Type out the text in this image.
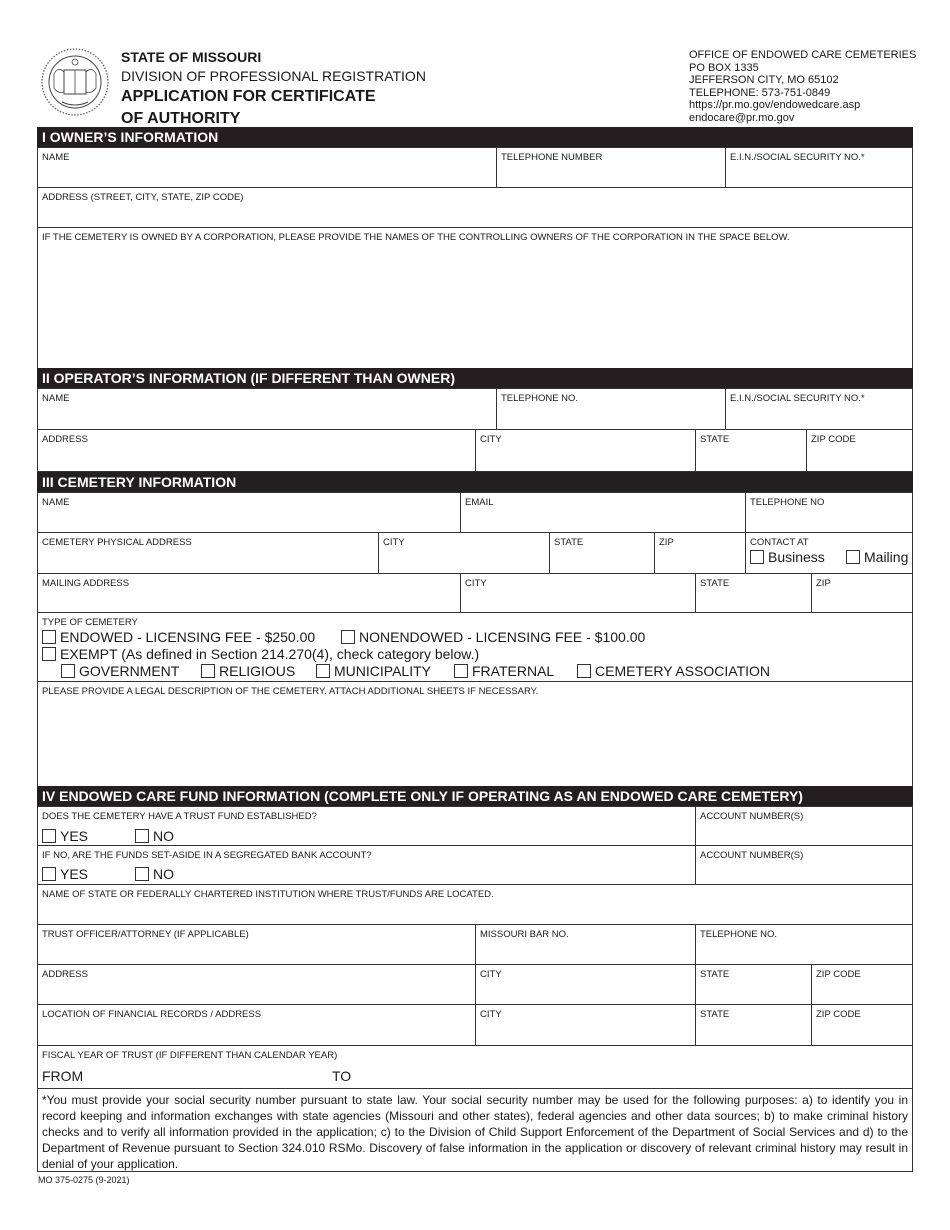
STATE OF MISSOURI
DIVISION OF PROFESSIONAL REGISTRATION
APPLICATION FOR CERTIFICATE
OF AUTHORITY
OFFICE OF ENDOWED CARE CEMETERIES
PO BOX 1335
JEFFERSON CITY, MO 65102
TELEPHONE: 573-751-0849
https://pr.mo.gov/endowedcare.asp
endocare@pr.mo.gov
I OWNER’S INFORMATION
NAME	TELEPHONE NUMBER	E.I.N./SOCIAL SECURITY NO.*
ADDRESS (STREET, CITY, STATE, ZIP CODE)
IF THE CEMETERY IS OWNED BY A CORPORATION, PLEASE PROVIDE THE NAMES OF THE CONTROLLING OWNERS OF THE CORPORATION IN THE SPACE BELOW.
II OPERATOR’S INFORMATION (IF DIFFERENT THAN OWNER)
NAME	TELEPHONE NO.	E.I.N./SOCIAL SECURITY NO.*
ADDRESS	CITY	STATE	ZIP CODE
III CEMETERY INFORMATION
NAME	EMAIL	TELEPHONE NO
CEMETERY PHYSICAL ADDRESS	CITY	STATE	ZIP	CONTACT AT
Business	Mailing
MAILING ADDRESS	CITY	STATE	ZIP
TYPE OF CEMETERY
ENDOWED - LICENSING FEE - $250.00	NONENDOWED - LICENSING FEE - $100.00
EXEMPT (As defined in Section 214.270(4), check category below.)
GOVERNMENT	RELIGIOUS	MUNICIPALITY	FRATERNAL	CEMETERY ASSOCIATION
PLEASE PROVIDE A LEGAL DESCRIPTION OF THE CEMETERY. ATTACH ADDITIONAL SHEETS IF NECESSARY.
IV ENDOWED CARE FUND INFORMATION (COMPLETE ONLY IF OPERATING AS AN ENDOWED CARE CEMETERY)
DOES THE CEMETERY HAVE A TRUST FUND ESTABLISHED?
YES	NO
ACCOUNT NUMBER(S)
IF NO, ARE THE FUNDS SET-ASIDE IN A SEGREGATED BANK ACCOUNT?
YES	NO
ACCOUNT NUMBER(S)
NAME OF STATE OR FEDERALLY CHARTERED INSTITUTION WHERE TRUST/FUNDS ARE LOCATED.
TRUST OFFICER/ATTORNEY (IF APPLICABLE)	MISSOURI BAR NO.	TELEPHONE NO.
ADDRESS	CITY	STATE	ZIP CODE
LOCATION OF FINANCIAL RECORDS / ADDRESS	CITY	STATE	ZIP CODE
FISCAL YEAR OF TRUST (IF DIFFERENT THAN CALENDAR YEAR)
FROM	TO
*You must provide your social security number pursuant to state law. Your social security number may be used for the following purposes: a) to identify you in record keeping and information exchanges with state agencies (Missouri and other states), federal agencies and other data sources; b) to make criminal history checks and to verify all information provided in the application; c) to the Division of Child Support Enforcement of the Department of Social Services and d) to the Department of Revenue pursuant to Section 324.010 RSMo. Discovery of false information in the application or discovery of relevant criminal history may result in denial of your application.
MO 375-0275 (9-2021)
